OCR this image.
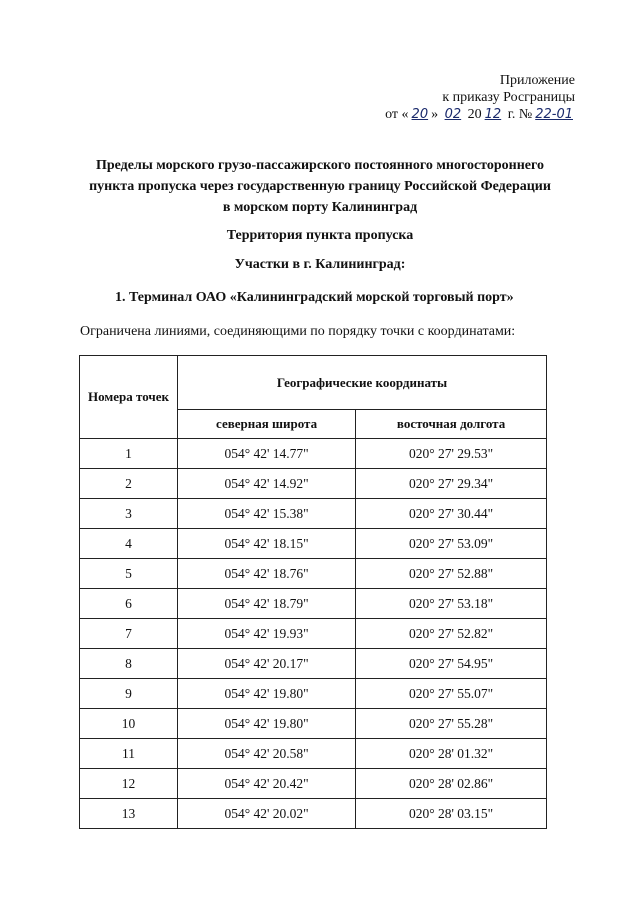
Приложение
к приказу Росграницы
от « 20 » 02 20 12 г. № 22-01
Пределы морского грузо-пассажирского постоянного многостороннего
пункта пропуска через государственную границу Российской Федерации
в морском порту Калининград
Территория пункта пропуска
Участки в г. Калининград:
1. Терминал ОАО «Калининградский морской торговый порт»
Ограничена линиями, соединяющими по порядку точки с координатами:
Номера точек	Географические координаты	
	северная широта	восточная долгота
1	054° 42' 14.77"	020° 27' 29.53"
2	054° 42' 14.92"	020° 27' 29.34"
3	054° 42' 15.38"	020° 27' 30.44"
4	054° 42' 18.15"	020° 27' 53.09"
5	054° 42' 18.76"	020° 27' 52.88"
6	054° 42' 18.79"	020° 27' 53.18"
7	054° 42' 19.93"	020° 27' 52.82"
8	054° 42' 20.17"	020° 27' 54.95"
9	054° 42' 19.80"	020° 27' 55.07"
10	054° 42' 19.80"	020° 27' 55.28"
11	054° 42' 20.58"	020° 28' 01.32"
12	054° 42' 20.42"	020° 28' 02.86"
13	054° 42' 20.02"	020° 28' 03.15"
